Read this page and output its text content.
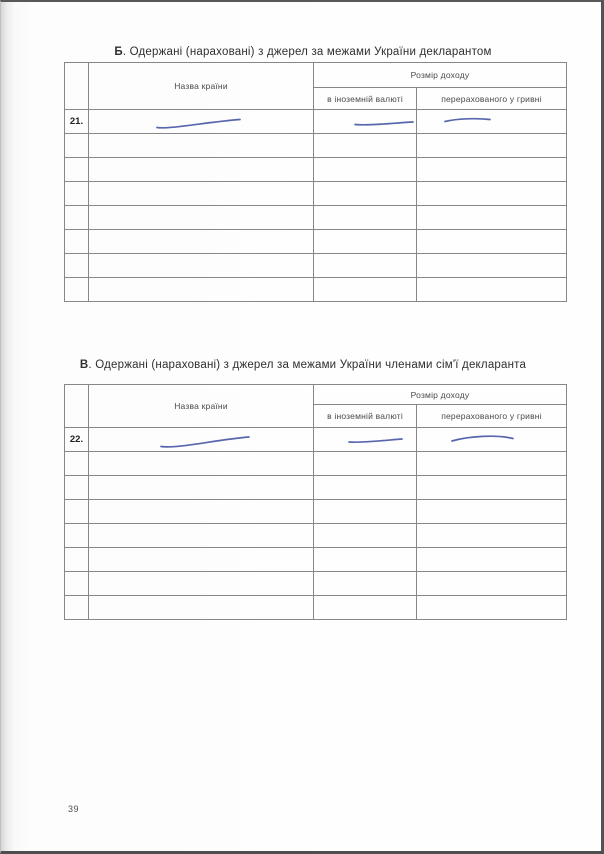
Б. Одержані (нараховані) з джерел за межами України декларантом
	Назва країни	Розмір доходу	
		в іноземній валюті	перерахованого у гривні
21.	

В. Одержані (нараховані) з джерел за межами України членами сім'ї декларанта
	Назва країни	Розмір доходу	
		в іноземній валюті	перерахованого у гривні
22.	

39
